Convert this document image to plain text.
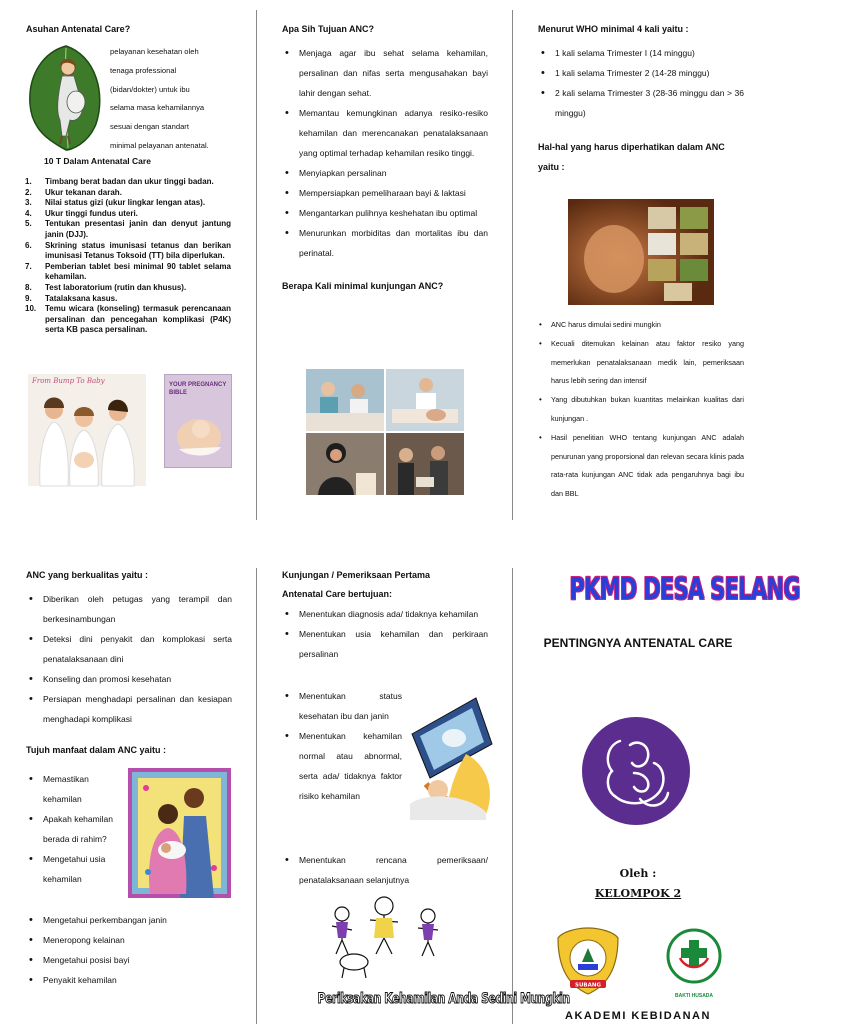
Asuhan Antenatal Care?

pelayanan kesehatan oleh
tenaga professional
(bidan/dokter) untuk ibu
selama masa kehamilannya
sesuai dengan standart
minimal pelayanan antenatal.

10 T Dalam Antenatal Care

1. Timbang berat badan dan ukur tinggi badan.
2. Ukur tekanan darah.
3. Nilai status gizi (ukur lingkar lengan atas).
4. Ukur tinggi fundus uteri.
5. Tentukan presentasi janin dan denyut jantung janin (DJJ).
6. Skrining status imunisasi tetanus dan berikan imunisasi Tetanus Toksoid (TT) bila diperlukan.
7. Pemberian tablet besi minimal 90 tablet selama kehamilan.
8. Test laboratorium (rutin dan khusus).
9. Tatalaksana kasus.
10. Temu wicara (konseling) termasuk perencanaan persalinan dan pencegahan komplikasi (P4K) serta KB pasca persalinan.
From Bump To Baby	YOUR PREGNANCY BIBLE

Apa Sih Tujuan ANC?

• Menjaga agar ibu sehat selama kehamilan, persalinan dan nifas serta mengusahakan bayi lahir dengan sehat.
• Memantau kemungkinan adanya resiko-resiko kehamilan dan merencanakan penatalaksanaan yang optimal terhadap kehamilan resiko tinggi.
• Menyiapkan persalinan
• Mempersiapkan pemeliharaan bayi & laktasi
• Mengantarkan pulihnya keshehatan ibu optimal
• Menurunkan morbiditas dan mortalitas ibu dan perinatal.

Berapa Kali minimal kunjungan ANC?

Menurut WHO minimal 4 kali yaitu :

• 1 kali selama Trimester I (14 minggu)
• 1 kali selama Trimester 2 (14-28 minggu)
• 2 kali selama Trimester 3 (28-36 minggu dan > 36 minggu)

Hal-hal yang harus diperhatikan dalam ANC yaitu :

• ANC harus dimulai sedini mungkin
• Kecuali ditemukan kelainan atau faktor resiko yang memerlukan penatalaksanaan medik lain, pemeriksaan harus lebih sering dan intensif
• Yang dibutuhkan bukan kuantitas melainkan kualitas dari kunjungan .
• Hasil penelitian WHO tentang kunjungan ANC adalah penurunan yang proporsional dan relevan secara klinis pada rata-rata kunjungan ANC tidak ada pengaruhnya bagi ibu dan BBL

ANC yang berkualitas yaitu :

• Diberikan oleh petugas yang terampil dan berkesinambungan
• Deteksi dini penyakit dan komplokasi serta penatalaksanaan dini
• Konseling dan promosi kesehatan
• Persiapan menghadapi persalinan dan kesiapan menghadapi komplikasi

Tujuh manfaat dalam ANC yaitu :

• Memastikan kehamilan
• Apakah kehamilan berada di rahim?
• Mengetahui usia kehamilan
• Mengetahui perkembangan janin
• Meneropong kelainan
• Mengetahui posisi bayi
• Penyakit kehamilan

Kunjungan / Pemeriksaan Pertama

Antenatal Care bertujuan:

• Menentukan diagnosis ada/ tidaknya kehamilan
• Menentukan usia kehamilan dan perkiraan persalinan
• Menentukan status kesehatan ibu dan janin
• Menentukan kehamilan normal atau abnormal, serta ada/ tidaknya faktor risiko kehamilan
• Menentukan rencana pemeriksaan/ penatalaksanaan selanjutnya
Periksakan Kehamilan Anda Sedini Mungkin
PKMD DESA SELANG
PENTINGNYA ANTENATAL CARE
Oleh :
KELOMPOK 2
SUBANG
BAKTI HUSADA
AKADEMI KEBIDANAN
